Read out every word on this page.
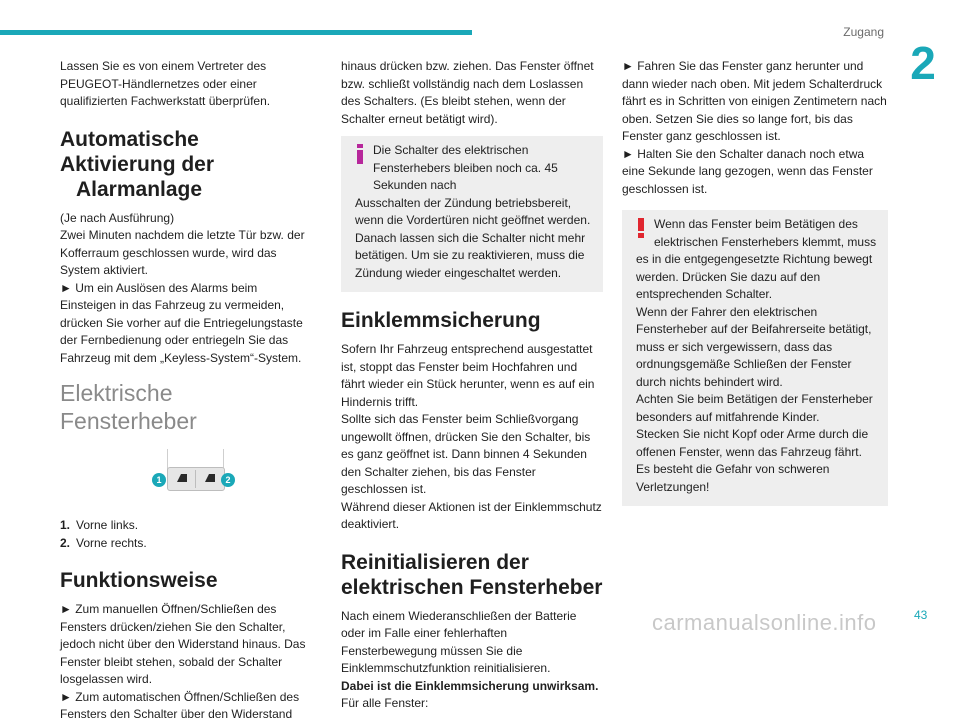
Zugang
2

Lassen Sie es von einem Vertreter des PEUGEOT-Händlernetzes oder einer qualifizierten Fachwerkstatt überprüfen.

Automatische Aktivierung der
Alarmanlage

(Je nach Ausführung)
Zwei Minuten nachdem die letzte Tür bzw. der Kofferraum geschlossen wurde, wird das System aktiviert.
► Um ein Auslösen des Alarms beim Einsteigen in das Fahrzeug zu vermeiden, drücken Sie vorher auf die Entriegelungstaste der Fernbedienung oder entriegeln Sie das Fahrzeug mit dem „Keyless-System“-System.

Elektrische Fensterheber
1	2
1. Vorne links.
2. Vorne rechts.
Funktionsweise

► Zum manuellen Öffnen/Schließen des Fensters drücken/ziehen Sie den Schalter, jedoch nicht über den Widerstand hinaus. Das Fenster bleibt stehen, sobald der Schalter losgelassen wird.
► Zum automatischen Öffnen/Schließen des Fensters den Schalter über den Widerstand

hinaus drücken bzw. ziehen. Das Fenster öffnet bzw. schließt vollständig nach dem Loslassen des Schalters. (Es bleibt stehen, wenn der Schalter erneut betätigt wird).

Die Schalter des elektrischen Fensterhebers bleiben noch ca. 45 Sekunden nach

Ausschalten der Zündung betriebsbereit, wenn die Vordertüren nicht geöffnet werden.
Danach lassen sich die Schalter nicht mehr betätigen. Um sie zu reaktivieren, muss die Zündung wieder eingeschaltet werden.

Einklemmsicherung

Sofern Ihr Fahrzeug entsprechend ausgestattet ist, stoppt das Fenster beim Hochfahren und fährt wieder ein Stück herunter, wenn es auf ein Hindernis trifft.
Sollte sich das Fenster beim Schließvorgang ungewollt öffnen, drücken Sie den Schalter, bis es ganz geöffnet ist. Dann binnen 4 Sekunden den Schalter ziehen, bis das Fenster geschlossen ist.
Während dieser Aktionen ist der Einklemmschutz deaktiviert.

Reinitialisieren der
elektrischen Fensterheber

Nach einem Wiederanschließen der Batterie oder im Falle einer fehlerhaften Fensterbewegung müssen Sie die Einklemmschutzfunktion reinitialisieren.

Dabei ist die Einklemmsicherung unwirksam.

Für alle Fenster:

► Fahren Sie das Fenster ganz herunter und dann wieder nach oben. Mit jedem Schalterdruck fährt es in Schritten von einigen Zentimetern nach oben. Setzen Sie dies so lange fort, bis das Fenster ganz geschlossen ist.
► Halten Sie den Schalter danach noch etwa eine Sekunde lang gezogen, wenn das Fenster geschlossen ist.

Wenn das Fenster beim Betätigen des elektrischen Fensterhebers klemmt, muss

es in die entgegengesetzte Richtung bewegt werden. Drücken Sie dazu auf den entsprechenden Schalter.
Wenn der Fahrer den elektrischen Fensterheber auf der Beifahrerseite betätigt, muss er sich vergewissern, dass das ordnungsgemäße Schließen der Fenster durch nichts behindert wird.
Achten Sie beim Betätigen der Fensterheber besonders auf mitfahrende Kinder.
Stecken Sie nicht Kopf oder Arme durch die offenen Fenster, wenn das Fahrzeug fährt. Es besteht die Gefahr von schweren Verletzungen!

carmanualsonline.info	43
